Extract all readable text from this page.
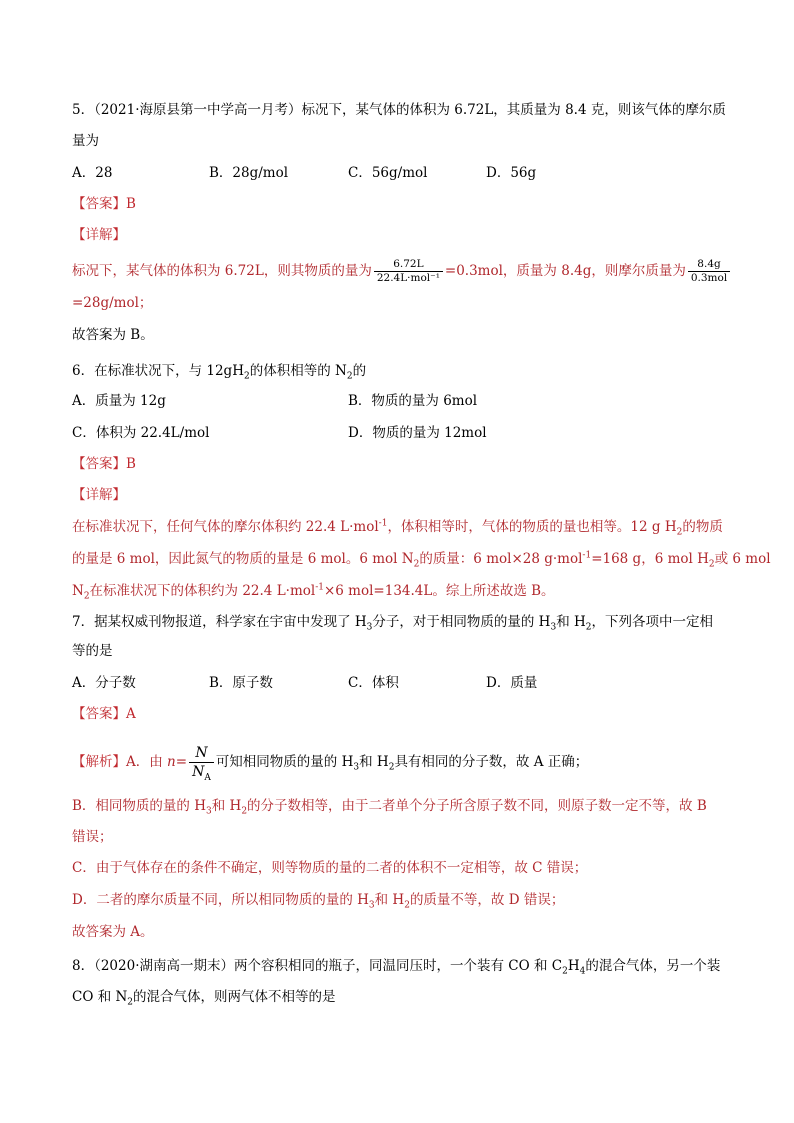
5．（2021·海原县第一中学高一月考）标况下，某气体的体积为 6.72L，其质量为 8.4 克，则该气体的摩尔质
量为
A．28	B．28g/mol	C．56g/mol	D．56g
【答案】B
【详解】
标况下，某气体的体积为 6.72L，则其物质的量为 $\frac{6.72L}{\text{22.4L·mol⁻¹}} =0.3mol$，质量为 8.4g，则摩尔质量为 $\frac{8.4g}{\text{0.3mol}}$
=28g/mol；
故答案为 B。
6．在标准状况下，与 $12gH_2$的体积相等的 $N_2$的
A．质量为 12g	B．物质的量为 6mol
C．体积为 22.4L/mol	D．物质的量为 12mol
【答案】B
【详解】
在标准状况下，任何气体的摩尔体积约 22.4 L·mol$^{-1}$，体积相等时，气体的物质的量也相等。12 g $H_2$的物质
的量是 6 mol，因此氮气的物质的量是 6 mol。6 mol $N_2$的质量：6 mol×28 g·mol$^{-1}$=168 g，6 mol $H_2$或 6 mol
$N_2$在标准状况下的体积约为 22.4 L·mol$^{-1}$×6 mol=134.4L。综上所述故选 B。
7．据某权威刊物报道，科学家在宇宙中发现了 $H_3$分子，对于相同物质的量的 $H_3$和 $H_2$，下列各项中一定相
等的是
A．分子数	B．原子数	C．体积	D．质量
【答案】A
【解析】A．由 $n= \frac{N}{N_A}$ 可知相同物质的量的 $H_3$和 $H_2$具有相同的分子数，故 A 正确；
B．相同物质的量的 $H_3$和 $H_2$的分子数相等，由于二者单个分子所含原子数不同，则原子数一定不等，故 B
错误；
C．由于气体存在的条件不确定，则等物质的量的二者的体积不一定相等，故 C 错误；
D．二者的摩尔质量不同，所以相同物质的量的 $H_3$和 $H_2$的质量不等，故 D 错误；
故答案为 A。
8．（2020·湖南高一期末）两个容积相同的瓶子，同温同压时，一个装有 CO 和 $C_2H_4$的混合气体，另一个装
CO 和 $N_2$的混合气体，则两气体不相等的是
